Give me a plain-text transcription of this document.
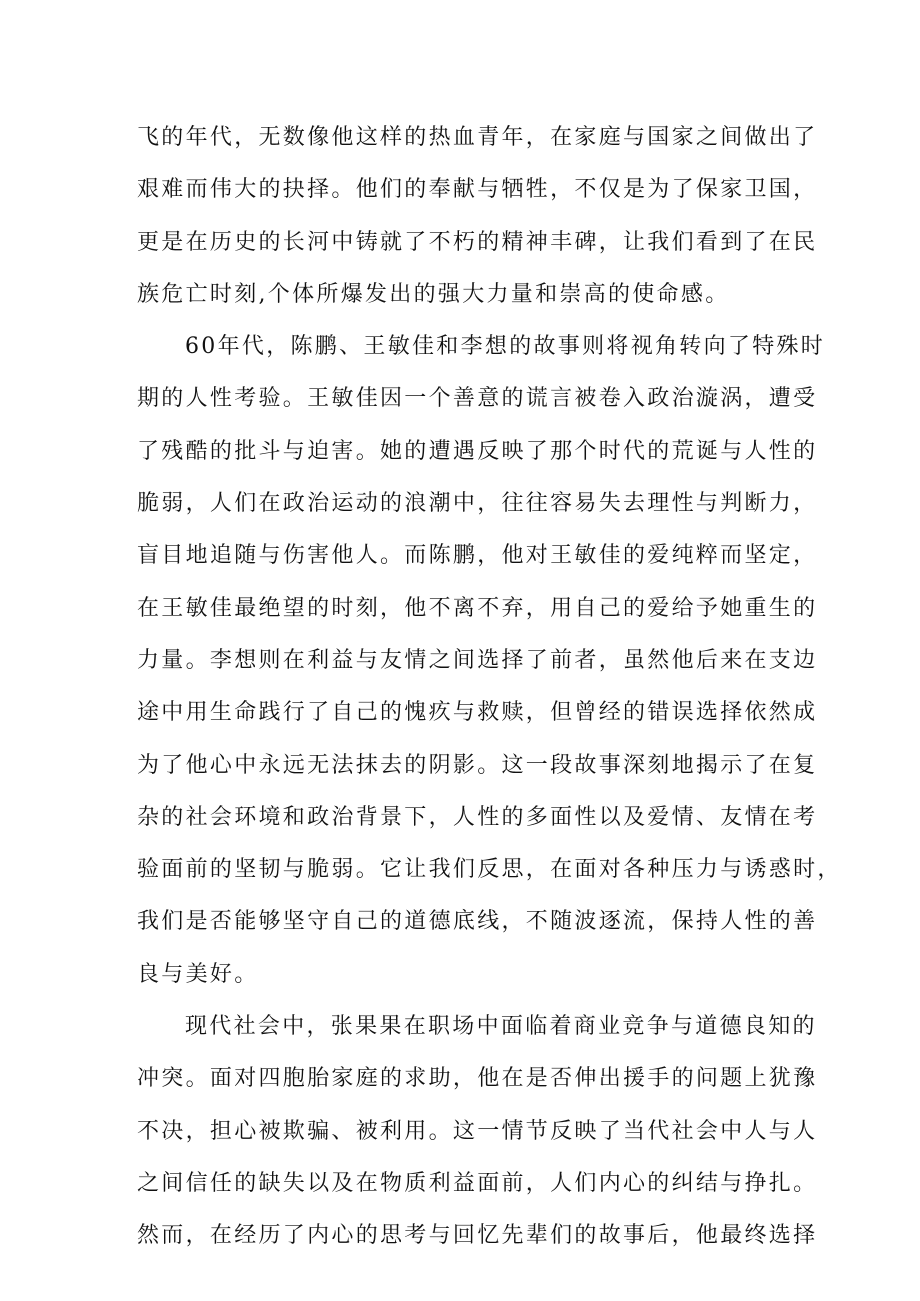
飞的年代，无数像他这样的热血青年，在家庭与国家之间做出了
艰难而伟大的抉择。他们的奉献与牺牲，不仅是为了保家卫国，
更是在历史的长河中铸就了不朽的精神丰碑，让我们看到了在民
族危亡时刻,个体所爆发出的强大力量和崇高的使命感。
60年代，陈鹏、王敏佳和李想的故事则将视角转向了特殊时
期的人性考验。王敏佳因一个善意的谎言被卷入政治漩涡，遭受
了残酷的批斗与迫害。她的遭遇反映了那个时代的荒诞与人性的
脆弱，人们在政治运动的浪潮中，往往容易失去理性与判断力，
盲目地追随与伤害他人。而陈鹏，他对王敏佳的爱纯粹而坚定，
在王敏佳最绝望的时刻，他不离不弃，用自己的爱给予她重生的
力量。李想则在利益与友情之间选择了前者，虽然他后来在支边
途中用生命践行了自己的愧疚与救赎，但曾经的错误选择依然成
为了他心中永远无法抹去的阴影。这一段故事深刻地揭示了在复
杂的社会环境和政治背景下，人性的多面性以及爱情、友情在考
验面前的坚韧与脆弱。它让我们反思，在面对各种压力与诱惑时，
我们是否能够坚守自己的道德底线，不随波逐流，保持人性的善
良与美好。
现代社会中，张果果在职场中面临着商业竞争与道德良知的
冲突。面对四胞胎家庭的求助，他在是否伸出援手的问题上犹豫
不决，担心被欺骗、被利用。这一情节反映了当代社会中人与人
之间信任的缺失以及在物质利益面前，人们内心的纠结与挣扎。
然而，在经历了内心的思考与回忆先辈们的故事后，他最终选择
